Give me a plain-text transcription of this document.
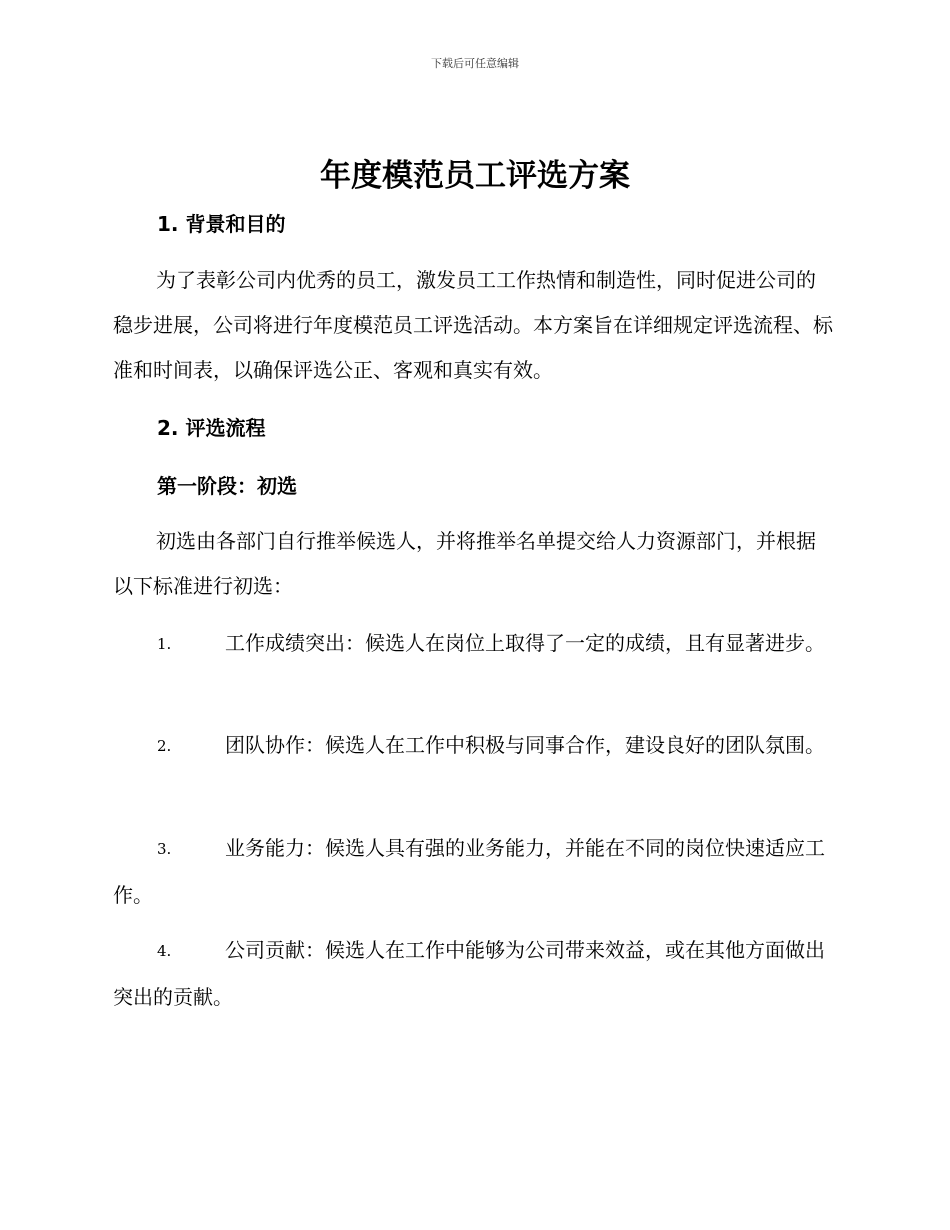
下载后可任意编辑
年度模范员工评选方案
1. 背景和目的

为了表彰公司内优秀的员工，激发员工工作热情和制造性，同时促进公司的稳步进展，公司将进行年度模范员工评选活动。本方案旨在详细规定评选流程、标准和时间表，以确保评选公正、客观和真实有效。

2. 评选流程
第一阶段：初选

初选由各部门自行推举候选人，并将推举名单提交给人力资源部门，并根据以下标准进行初选：

1.	工作成绩突出：候选人在岗位上取得了一定的成绩，且有显著进步。

2.	团队协作：候选人在工作中积极与同事合作，建设良好的团队氛围。

3.	业务能力：候选人具有强的业务能力，并能在不同的岗位快速适应工作。

4.	公司贡献：候选人在工作中能够为公司带来效益，或在其他方面做出突出的贡献。
